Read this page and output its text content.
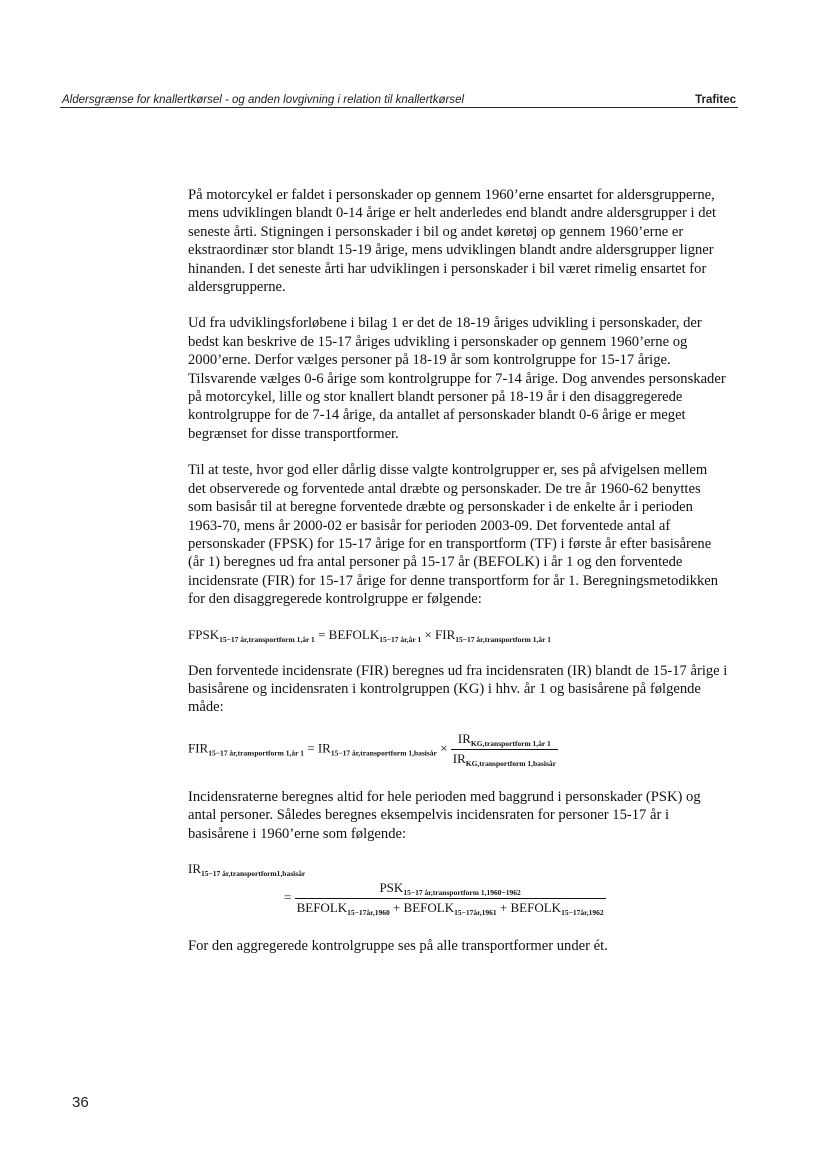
Aldersgrænse for knallertkørsel - og anden lovgivning i relation til knallertkørsel	Trafitec

På motorcykel er faldet i personskader op gennem 1960’erne ensartet for aldersgrupperne, mens udviklingen blandt 0-14 årige er helt anderledes end blandt andre aldersgrupper i det seneste årti. Stigningen i personskader i bil og andet køretøj op gennem 1960’erne er ekstraordinær stor blandt 15-19 årige, mens udviklingen blandt andre aldersgrupper ligner hinanden. I det seneste årti har udviklingen i personskader i bil været rimelig ensartet for aldersgrupperne.

Ud fra udviklingsforløbene i bilag 1 er det de 18-19 åriges udvikling i personskader, der bedst kan beskrive de 15-17 åriges udvikling i personskader op gennem 1960’erne og 2000’erne. Derfor vælges personer på 18-19 år som kontrolgruppe for 15-17 årige. Tilsvarende vælges 0-6 årige som kontrolgruppe for 7-14 årige. Dog anvendes personskader på motorcykel, lille og stor knallert blandt personer på 18-19 år i den disaggregerede kontrolgruppe for de 7-14 årige, da antallet af personskader blandt 0-6 årige er meget begrænset for disse transportformer.

Til at teste, hvor god eller dårlig disse valgte kontrolgrupper er, ses på afvigelsen mellem det observerede og forventede antal dræbte og personskader. De tre år 1960-62 benyttes som basisår til at beregne forventede dræbte og personskader i de enkelte år i perioden 1963-70, mens år 2000-02 er basisår for perioden 2003-09. Det forventede antal af personskader (FPSK) for 15-17 årige for en transportform (TF) i første år efter basisårene (år 1) beregnes ud fra antal personer på 15-17 år (BEFOLK) i år 1 og den forventede incidensrate (FIR) for 15-17 årige for denne transportform for år 1. Beregningsmetodikken for den disaggregerede kontrolgruppe er følgende:

$FPSK_{15-17 år,transportform 1,år 1}$ = $BEFOLK_{15-17 år,år 1} \times FIR_{15-17 år,transportform 1,år 1}$

Den forventede incidensrate (FIR) beregnes ud fra incidensraten (IR) blandt de 15-17 årige i basisårene og incidensraten i kontrolgruppen (KG) i hhv. år 1 og basisårene på følgende måde:

$FIR_{15-17 år,transportform 1,år 1} = IR_{15-17 år,transportform 1,basisår} \times \frac{IR_{KG,transportform 1,år 1}}{IR_{KG,transportform 1,basisår}}$

Incidensraterne beregnes altid for hele perioden med baggrund i personskader (PSK) og antal personer. Således beregnes eksempelvis incidensraten for personer 15-17 år i basisårene i 1960’erne som følgende:

$IR_{15-17 år,transportform1,basisår}$
= $\frac{PSK_{15-17 år,transportform 1,1960-1962}}{BEFOLK_{15-17år,1960} + BEFOLK_{15-17år,1961} + BEFOLK_{15-17år,1962}}$

For den aggregerede kontrolgruppe ses på alle transportformer under ét.

36
